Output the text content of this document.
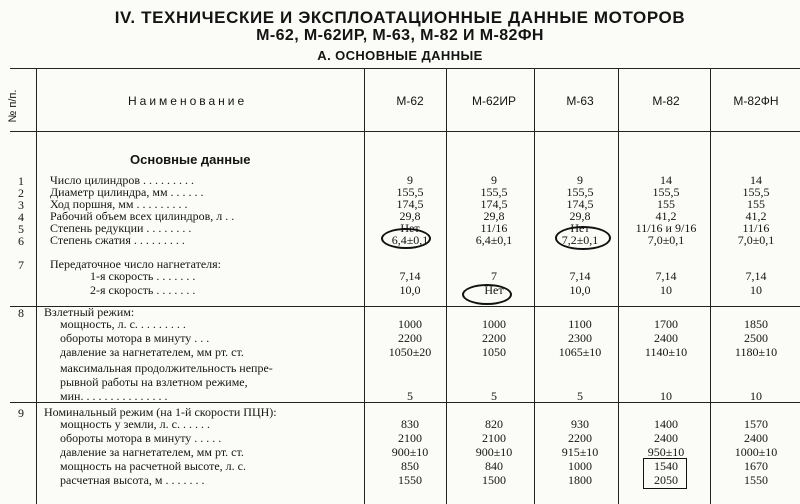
IV. ТЕХНИЧЕСКИЕ И ЭКСПЛОАТАЦИОННЫЕ ДАННЫЕ МОТОРОВ
М-62, М-62ИР, М-63, М-82 И М-82ФН
А. ОСНОВНЫЕ ДАННЫЕ
№ п/п.	Наименование	М-62	М-62ИР	М-63	М-82	М-82ФН
Основные данные
1	Число цилиндров . . . . . . . . .	9	9	9	14	14
2	Диаметр цилиндра, мм . . . . . .	155,5	155,5	155,5	155,5	155,5
3	Ход поршня, мм . . . . . . . . .	174,5	174,5	174,5	155	155
4	Рабочий объем всех цилиндров, л . .	29,8	29,8	29,8	41,2	41,2
5	Степень редукции . . . . . . . .	Нет	11/16	Нет	11/16 и 9/16	11/16
6	Степень сжатия . . . . . . . . .	6,4±0,1	6,4±0,1	7,2±0,1	7,0±0,1	7,0±0,1
7	Передаточное число нагнетателя:
1-я скорость . . . . . . .	7,14	7	7,14	7,14	7,14
2-я скорость . . . . . . .	10,0	Нет	10,0	10	10
8	Взлетный режим:
мощность, л. с. . . . . . . . .	1000	1000	1100	1700	1850
обороты мотора в минуту . . .	2200	2200	2300	2400	2500
давление за нагнетателем, мм рт. ст.	1050±20	1050	1065±10	1140±10	1180±10
максимальная продолжительность непре-
рывной работы на взлетном режиме,
мин. . . . . . . . . . . . . . .	5	5	5	10	10
9	Номинальный режим (на 1-й скорости ПЦН):
мощность у земли, л. с. . . . . .	830	820	930	1400	1570
обороты мотора в минуту . . . . .	2100	2100	2200	2400	2400
давление за нагнетателем, мм рт. ст.	900±10	900±10	915±10	950±10	1000±10
мощность на расчетной высоте, л. с.	850	840	1000	1540	1670
расчетная высота, м . . . . . . .	1550	1500	1800	2050	1550
